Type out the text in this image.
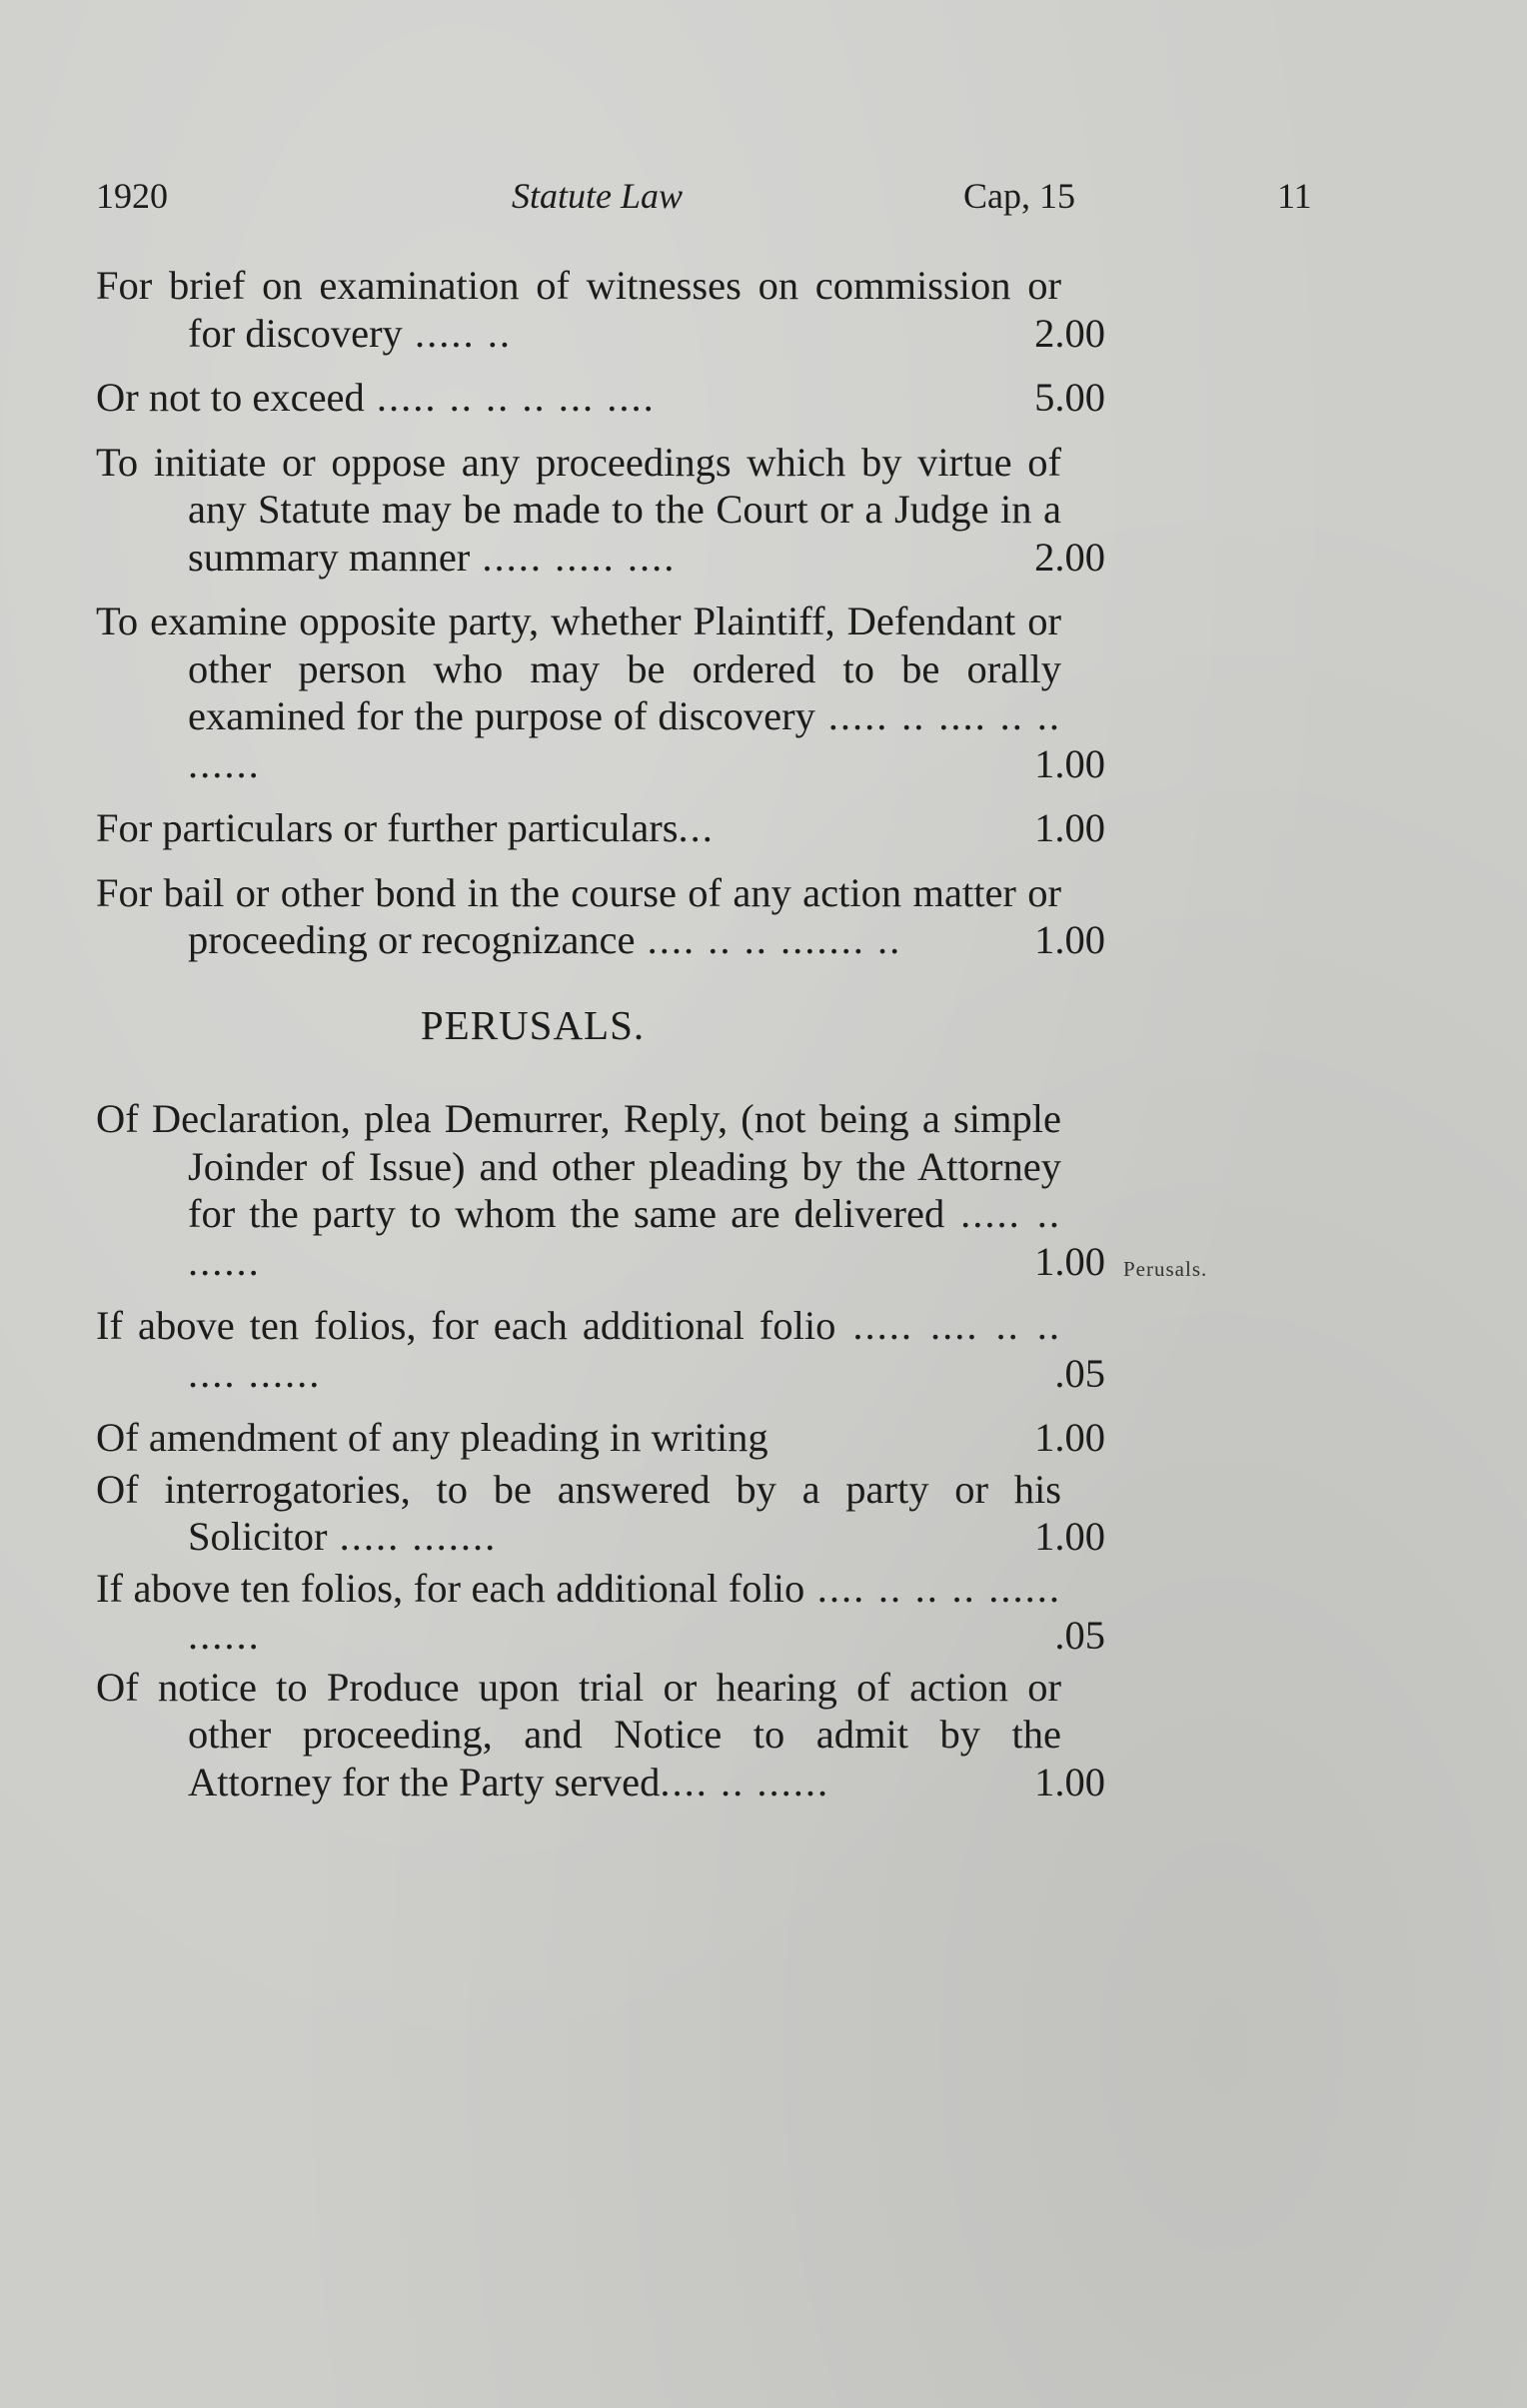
1920	Statute Law	Cap, 15	11
For brief on examination of witnesses on commission or for discovery ..... ..	2.00
Or not to exceed ..... .. .. .. ... ....	5.00
To initiate or oppose any proceedings which by virtue of any Statute may be made to the Court or a Judge in a summary manner ..... ..... ....	2.00
To examine opposite party, whether Plaintiff, Defendant or other person who may be ordered to be orally examined for the purpose of discovery ..... .. .... .. .. ......	1.00
For particulars or further particulars...	1.00
For bail or other bond in the course of any action matter or proceeding or recognizance .... .. .. ....... ..	1.00
PERUSALS.
Of Declaration, plea Demurrer, Reply, (not being a simple Joinder of Issue) and other pleading by the Attorney for the party to whom the same are delivered ..... .. ......	1.00
If above ten folios, for each additional folio ..... .... .. .. .... ......	.05
Of amendment of any pleading in writing	1.00
Of interrogatories, to be answered by a party or his Solicitor ..... .......	1.00
If above ten folios, for each additional folio .... .. .. .. ...... ......	.05
Of notice to Produce upon trial or hearing of action or other proceeding, and Notice to admit by the Attorney for the Party served.... .. ......	1.00
Perusals.
